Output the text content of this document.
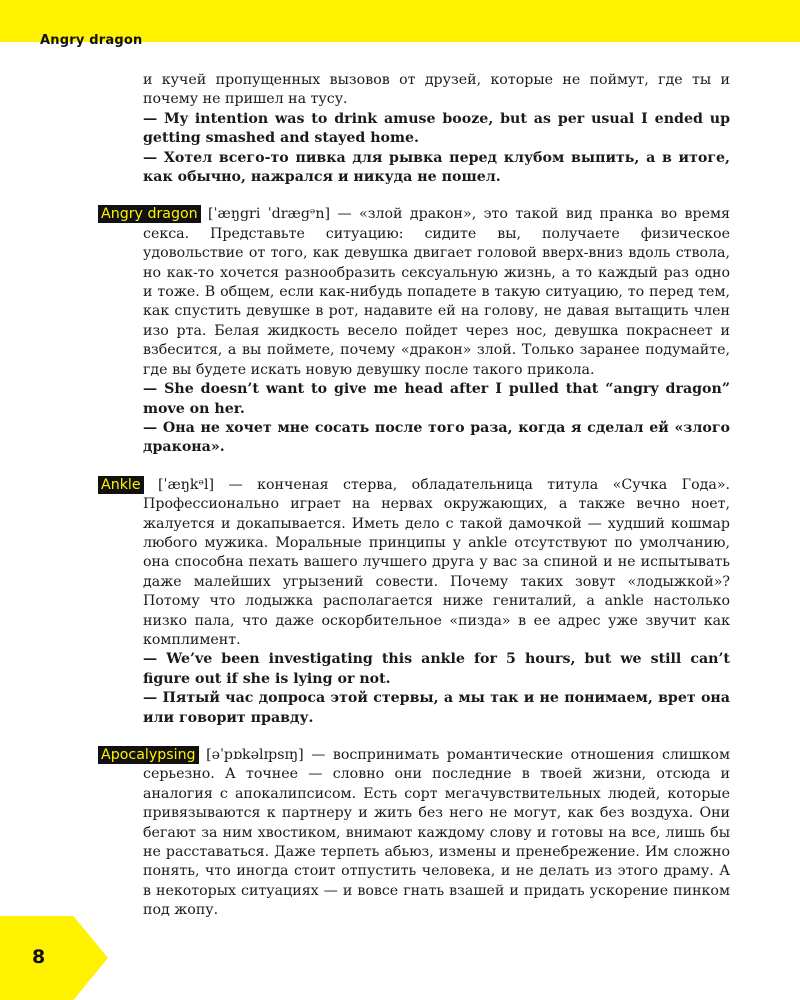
Angry dragon

и кучей пропущенных вызовов от друзей, которые не поймут, где ты и почему не пришел на тусу.

— My intention was to drink amuse booze, but as per usual I ended up getting smashed and stayed home.

— Хотел всего-то пивка для рывка перед клубом выпить, а в итоге, как обычно, нажрался и никуда не пошел.

Angry dragon [ˈæŋgri ˈdrægᵊn] — «злой дракон», это такой вид пранка во время секса. Представьте ситуацию: сидите вы, получаете физическое удовольствие от того, как девушка двигает головой вверх-вниз вдоль ствола, но как-то хочется разнообразить сексуальную жизнь, а то каждый раз одно и тоже. В общем, если как-нибудь попадете в такую ситуацию, то перед тем, как спустить девушке в рот, надавите ей на голову, не давая вытащить член изо рта. Белая жидкость весело пойдет через нос, девушка покраснеет и взбесится, а вы поймете, почему «дракон» злой. Только заранее подумайте, где вы будете искать новую девушку после такого прикола.

— She doesn’t want to give me head after I pulled that “angry dragon” move on her.

— Она не хочет мне сосать после того раза, когда я сделал ей «злого дракона».

Ankle [ˈæŋkᵊl] — конченая стерва, обладательница титула «Сучка Года». Профессионально играет на нервах окружающих, а также вечно ноет, жалуется и докапывается. Иметь дело с такой дамочкой — худший кошмар любого мужика. Моральные принципы у ankle отсутствуют по умолчанию, она способна пехать вашего лучшего друга у вас за спиной и не испытывать даже малейших угрызений совести. Почему таких зовут «лодыжкой»? Потому что лодыжка располагается ниже гениталий, а ankle настолько низко пала, что даже оскорбительное «пизда» в ее адрес уже звучит как комплимент.

— We’ve been investigating this ankle for 5 hours, but we still can’t figure out if she is lying or not.

— Пятый час допроса этой стервы, а мы так и не понимаем, врет она или говорит правду.

Apocalypsing [əˈpɒkəlɪpsɪŋ] — воспринимать романтические отношения слишком серьезно. А точнее — словно они последние в твоей жизни, отсюда и аналогия с апокалипсисом. Есть сорт мегачувствительных людей, которые привязываются к партнеру и жить без него не могут, как без воздуха. Они бегают за ним хвостиком, внимают каждому слову и готовы на все, лишь бы не расставаться. Даже терпеть абьюз, измены и пренебрежение. Им сложно понять, что иногда стоит отпустить человека, и не делать из этого драму. А в некоторых ситуациях — и вовсе гнать взашей и придать ускорение пинком под жопу.

8
